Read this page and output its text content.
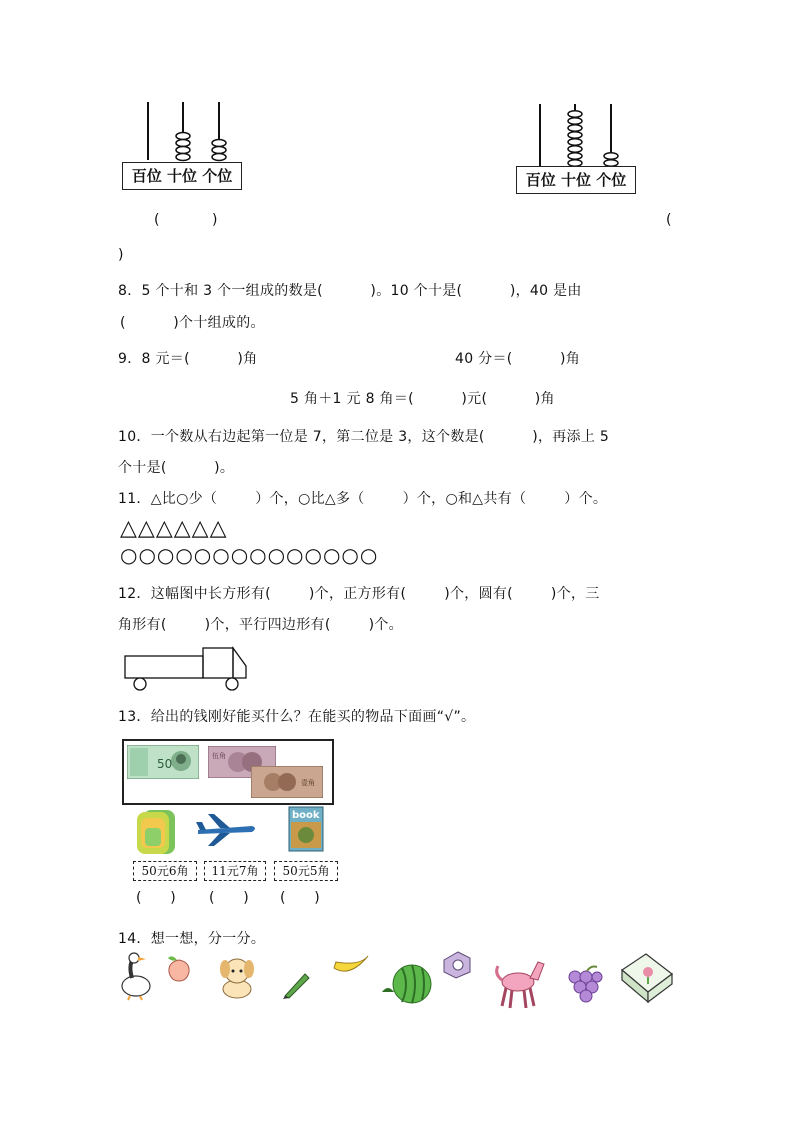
百位 十位 个位	百位 十位 个位
(           )	(
)
8．5 个十和 3 个一组成的数是(          )。10 个十是(          )，40 是由
(          )个十组成的。
9．8 元＝(          )角	40 分＝(          )角
5 角＋1 元 8 角＝(          )元(          )角
10．一个数从右边起第一位是 7，第二位是 3，这个数是(          )，再添上 5
个十是(          )。
11．△比○少（        ）个，○比△多（        ）个，○和△共有（        ）个。
△△△△△△
○○○○○○○○○○○○○○
12．这幅图中长方形有(        )个，正方形有(        )个，圆有(        )个，三
角形有(        )个，平行四边形有(        )个。
13．给出的钱刚好能买什么？在能买的物品下面画“√”。
50
伍角
壹角
book
50元6角	11元7角	50元5角
(      ) (      ) (      )
14．想一想，分一分。
